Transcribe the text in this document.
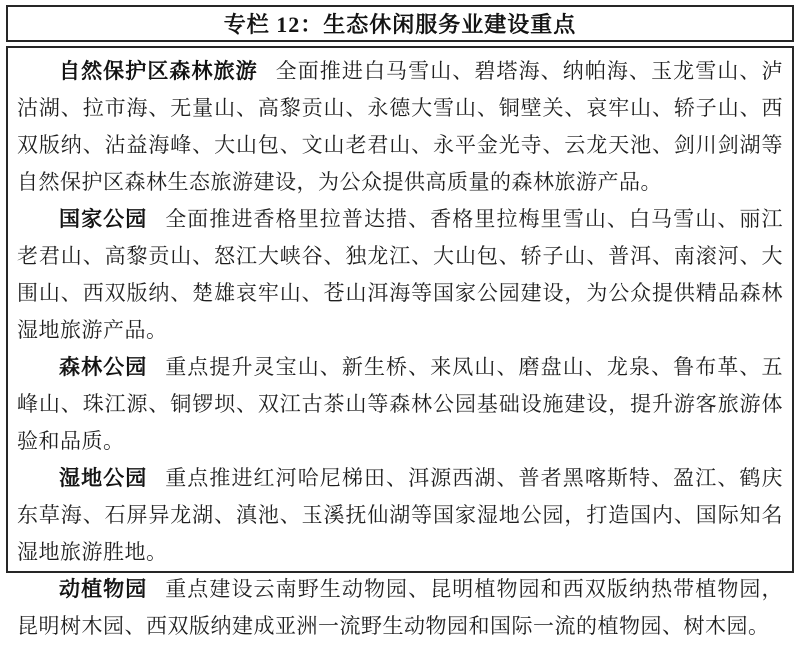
专栏 12：生态休闲服务业建设重点

自然保护区森林旅游 全面推进白马雪山、碧塔海、纳帕海、玉龙雪山、泸沽湖、拉市海、无量山、高黎贡山、永德大雪山、铜壁关、哀牢山、轿子山、西双版纳、沾益海峰、大山包、文山老君山、永平金光寺、云龙天池、剑川剑湖等自然保护区森林生态旅游建设，为公众提供高质量的森林旅游产品。

国家公园 全面推进香格里拉普达措、香格里拉梅里雪山、白马雪山、丽江老君山、高黎贡山、怒江大峡谷、独龙江、大山包、轿子山、普洱、南滚河、大围山、西双版纳、楚雄哀牢山、苍山洱海等国家公园建设，为公众提供精品森林湿地旅游产品。

森林公园 重点提升灵宝山、新生桥、来凤山、磨盘山、龙泉、鲁布革、五峰山、珠江源、铜锣坝、双江古茶山等森林公园基础设施建设，提升游客旅游体验和品质。

湿地公园 重点推进红河哈尼梯田、洱源西湖、普者黑喀斯特、盈江、鹤庆东草海、石屏异龙湖、滇池、玉溪抚仙湖等国家湿地公园，打造国内、国际知名湿地旅游胜地。

动植物园 重点建设云南野生动物园、昆明植物园和西双版纳热带植物园，昆明树木园、西双版纳建成亚洲一流野生动物园和国际一流的植物园、树木园。
